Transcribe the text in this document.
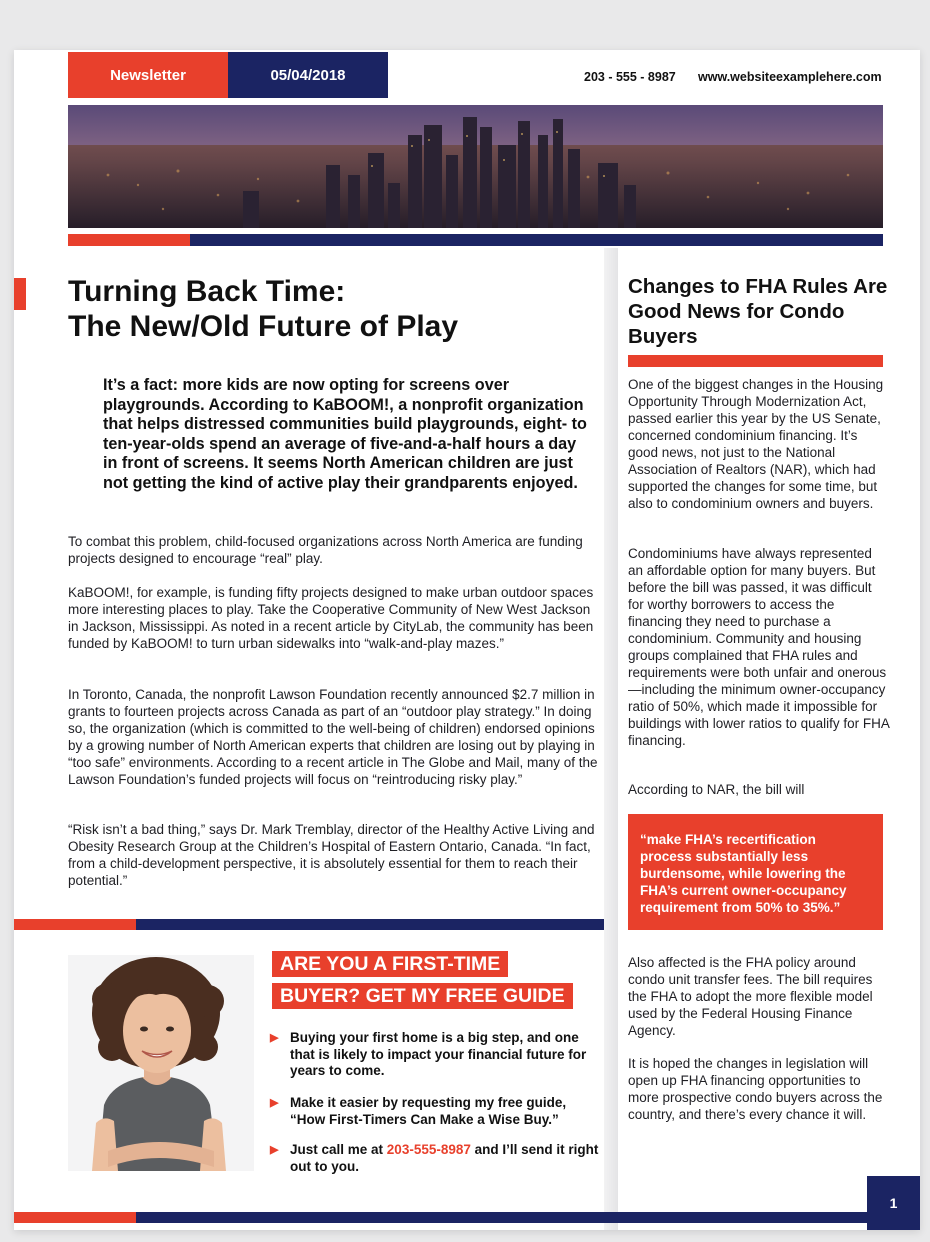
Newsletter	05/04/2018	203 - 555 - 8987 www.websiteexamplehere.com
Turning Back Time:
The New/Old Future of Play
It’s a fact: more kids are now opting for screens over playgrounds. According to KaBOOM!, a nonprofit organization that helps distressed communities build playgrounds, eight- to ten-year-olds spend an average of five-and-a-half hours a day in front of screens. It seems North American children are just not getting the kind of active play their grandparents enjoyed.
To combat this problem, child-focused organizations across North America are funding projects designed to encourage “real” play.
KaBOOM!, for example, is funding fifty projects designed to make urban outdoor spaces more interesting places to play. Take the Cooperative Community of New West Jackson in Jackson, Mississippi. As noted in a recent article by CityLab, the community has been funded by KaBOOM! to turn urban sidewalks into “walk-and-play mazes.”
In Toronto, Canada, the nonprofit Lawson Foundation recently announced $2.7 million in grants to fourteen projects across Canada as part of an “outdoor play strategy.” In doing so, the organization (which is committed to the well-being of children) endorsed opinions by a growing number of North American experts that children are losing out by playing in “too safe” environments. According to a recent article in The Globe and Mail, many of the Lawson Foundation’s funded projects will focus on “reintroducing risky play.”
“Risk isn’t a bad thing,” says Dr. Mark Tremblay, director of the Healthy Active Living and Obesity Research Group at the Children’s Hospital of Eastern Ontario, Canada. “In fact, from a child-development perspective, it is absolutely essential for them to reach their potential.”
ARE YOU A FIRST-TIME
BUYER? GET MY FREE GUIDE
▶ Buying your first home is a big step, and one that is likely to impact your financial future for years to come.
▶ Make it easier by requesting my free guide, “How First-Timers Can Make a Wise Buy.”
▶ Just call me at 203-555-8987 and I’ll send it right out to you.
Changes to FHA Rules Are Good News for Condo Buyers
One of the biggest changes in the Housing Opportunity Through Modernization Act, passed earlier this year by the US Senate, concerned condominium financing. It’s good news, not just to the National Association of Realtors (NAR), which had supported the changes for some time, but also to condominium owners and buyers.
Condominiums have always represented an affordable option for many buyers. But before the bill was passed, it was difficult for worthy borrowers to access the financing they need to purchase a condominium. Community and housing groups complained that FHA rules and requirements were both unfair and onerous—including the minimum owner-occupancy ratio of 50%, which made it impossible for buildings with lower ratios to qualify for FHA financing.
According to NAR, the bill will
“make FHA’s recertification process substantially less burdensome, while lowering the FHA’s current owner-occupancy requirement from 50% to 35%.”
Also affected is the FHA policy around condo unit transfer fees. The bill requires the FHA to adopt the more flexible model used by the Federal Housing Finance Agency.
It is hoped the changes in legislation will open up FHA financing opportunities to more prospective condo buyers across the country, and there’s every chance it will.
1
